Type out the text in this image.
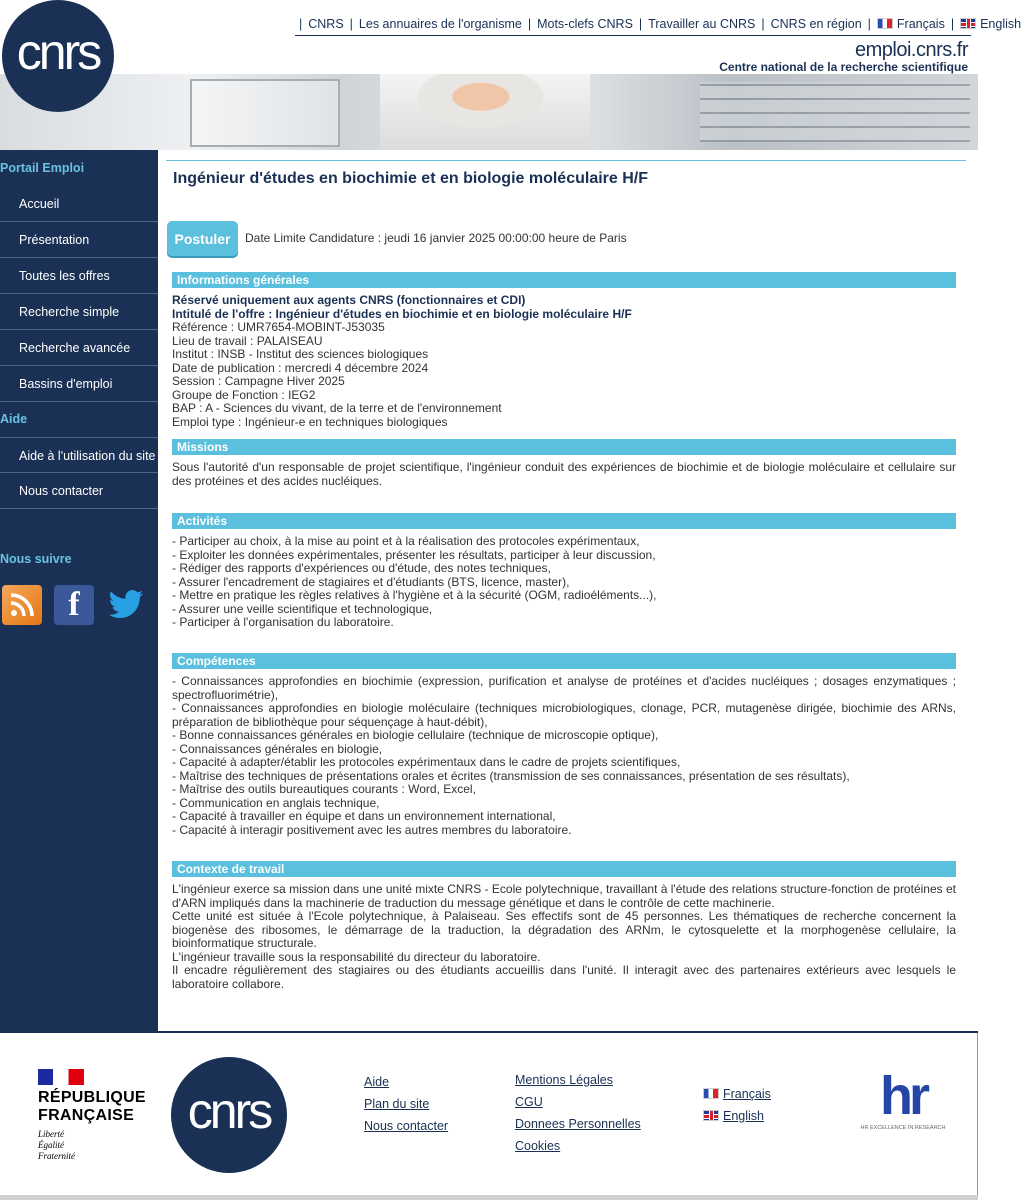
cnrs	| CNRS | Les annuaires de l'organisme | Mots-clefs CNRS | Travailler au CNRS | CNRS en région |	Français |	English
emploi.cnrs.fr
Centre national de la recherche scientifique
Portail Emploi
Accueil
Présentation
Toutes les offres
Recherche simple
Recherche avancée
Bassins d'emploi
Aide
Aide à l'utilisation du site
Nous contacter
Nous suivre
f
Ingénieur d'études en biochimie et en biologie moléculaire H/F
Postuler	Date Limite Candidature : jeudi 16 janvier 2025 00:00:00 heure de Paris
Informations générales

Réservé uniquement aux agents CNRS (fonctionnaires et CDI)

Intitulé de l'offre : Ingénieur d'études en biochimie et en biologie moléculaire H/F

Référence : UMR7654-MOBINT-J53035

Lieu de travail : PALAISEAU

Institut : INSB - Institut des sciences biologiques

Date de publication : mercredi 4 décembre 2024

Session : Campagne Hiver 2025

Groupe de Fonction : IEG2

BAP : A - Sciences du vivant, de la terre et de l'environnement

Emploi type : Ingénieur-e en techniques biologiques

Missions
Sous l'autorité d'un responsable de projet scientifique, l'ingénieur conduit des expériences de biochimie et de biologie moléculaire et cellulaire sur des protéines et des acides nucléiques.
Activités

- Participer au choix, à la mise au point et à la réalisation des protocoles expérimentaux,

- Exploiter les données expérimentales, présenter les résultats, participer à leur discussion,

- Rédiger des rapports d'expériences ou d'étude, des notes techniques,

- Assurer l'encadrement de stagiaires et d'étudiants (BTS, licence, master),

- Mettre en pratique les règles relatives à l'hygiène et à la sécurité (OGM, radioéléments...),

- Assurer une veille scientifique et technologique,

- Participer à l'organisation du laboratoire.

Compétences

- Connaissances approfondies en biochimie (expression, purification et analyse de protéines et d'acides nucléiques ; dosages enzymatiques ; spectrofluorimétrie),

- Connaissances approfondies en biologie moléculaire (techniques microbiologiques, clonage, PCR, mutagenèse dirigée, biochimie des ARNs, préparation de bibliothèque pour séquençage à haut-débit),

- Bonne connaissances générales en biologie cellulaire (technique de microscopie optique),

- Connaissances générales en biologie,

- Capacité à adapter/établir les protocoles expérimentaux dans le cadre de projets scientifiques,

- Maîtrise des techniques de présentations orales et écrites (transmission de ses connaissances, présentation de ses résultats),

- Maîtrise des outils bureautiques courants : Word, Excel,

- Communication en anglais technique,

- Capacité à travailler en équipe et dans un environnement international,

- Capacité à interagir positivement avec les autres membres du laboratoire.

Contexte de travail

L'ingénieur exerce sa mission dans une unité mixte CNRS - Ecole polytechnique, travaillant à l'étude des relations structure-fonction de protéines et d'ARN impliqués dans la machinerie de traduction du message génétique et dans le contrôle de cette machinerie.

Cette unité est située à l'Ecole polytechnique, à Palaiseau. Ses effectifs sont de 45 personnes. Les thématiques de recherche concernent la biogenèse des ribosomes, le démarrage de la traduction, la dégradation des ARNm, le cytosquelette et la morphogenèse cellulaire, la bioinformatique structurale.

L'ingénieur travaille sous la responsabilité du directeur du laboratoire.

Il encadre régulièrement des stagiaires ou des étudiants accueillis dans l'unité. Il interagit avec des partenaires extérieurs avec lesquels le laboratoire collabore.

RÉPUBLIQUE
FRANÇAISE
Liberté
Égalité
Fraternité
cnrs
Aide
Plan du site
Nous contacter
Mentions Légales
CGU
Donnees Personnelles
Cookies
Français
English	hr
HR EXCELLENCE IN RESEARCH
